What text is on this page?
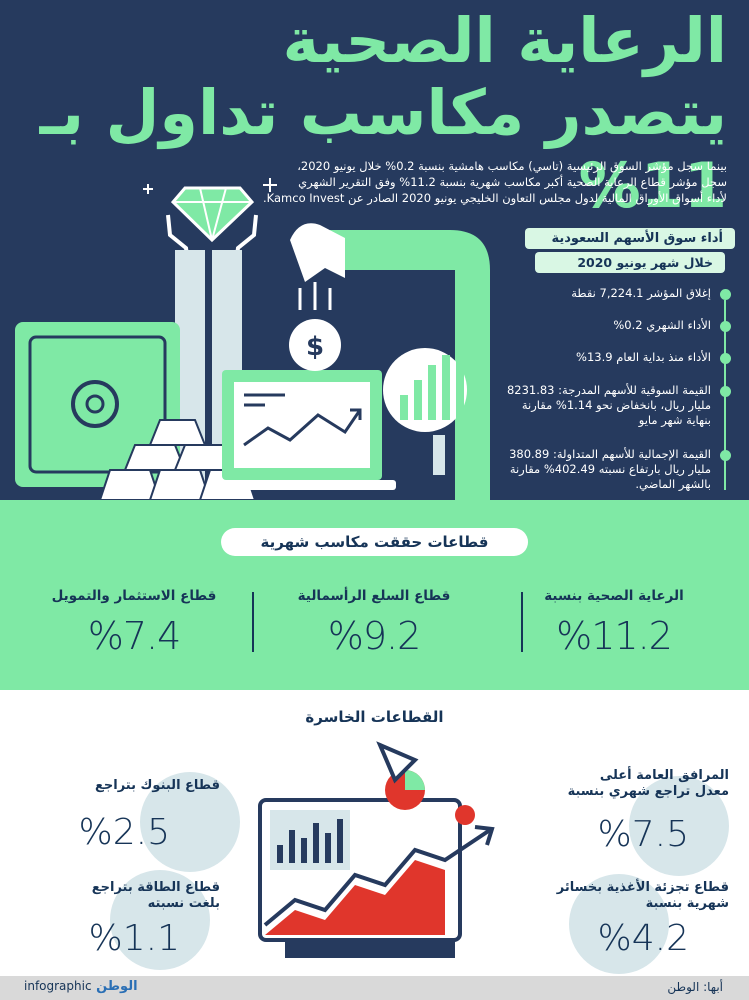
الرعاية الصحية
يتصدر مكاسب تداول بـ 11%

بينما سجل مؤشر السوق الرئيسية (تاسي) مكاسب هامشية بنسبة 0.2% خلال يونيو 2020،

سجل مؤشر قطاع الرعاية الصحية أكبر مكاسب شهرية بنسبة 11.2% وفق التقرير الشهري

لأداء أسواق الأوراق المالية لدول مجلس التعاون الخليجي يونيو 2020 الصادر عن Kamco Invest.

أداء سوق الأسهم السعودية
خلال شهر يونيو 2020
إغلاق المؤشر 7,224.1 نقطة
الأداء الشهري 0.2%
الأداء منذ بداية العام 13.9%
القيمة السوقية للأسهم المدرجة: 8231.83 مليار ريال، بانخفاض نحو 1.14% مقارنة بنهاية شهر مايو
القيمة الإجمالية للأسهم المتداولة: 380.89 مليار ريال بارتفاع نسبته 402.49% مقارنة بالشهر الماضي.
$
قطاعات حققت مكاسب شهرية
الرعاية الصحية بنسبة
%11.2
قطاع السلع الرأسمالية
%9.2
قطاع الاستثمار والتمويل
%7.4
القطاعات الخاسرة
المرافق العامة أعلى
معدل تراجع شهري بنسبة
%7.5
قطاع البنوك بتراجع
%2.5
قطاع تجزئة الأغذية بخسائر
شهرية بنسبة
%4.2
قطاع الطاقة بتراجع
بلغت نسبته
%1.1
أبها: الوطن
infographic الوطن
